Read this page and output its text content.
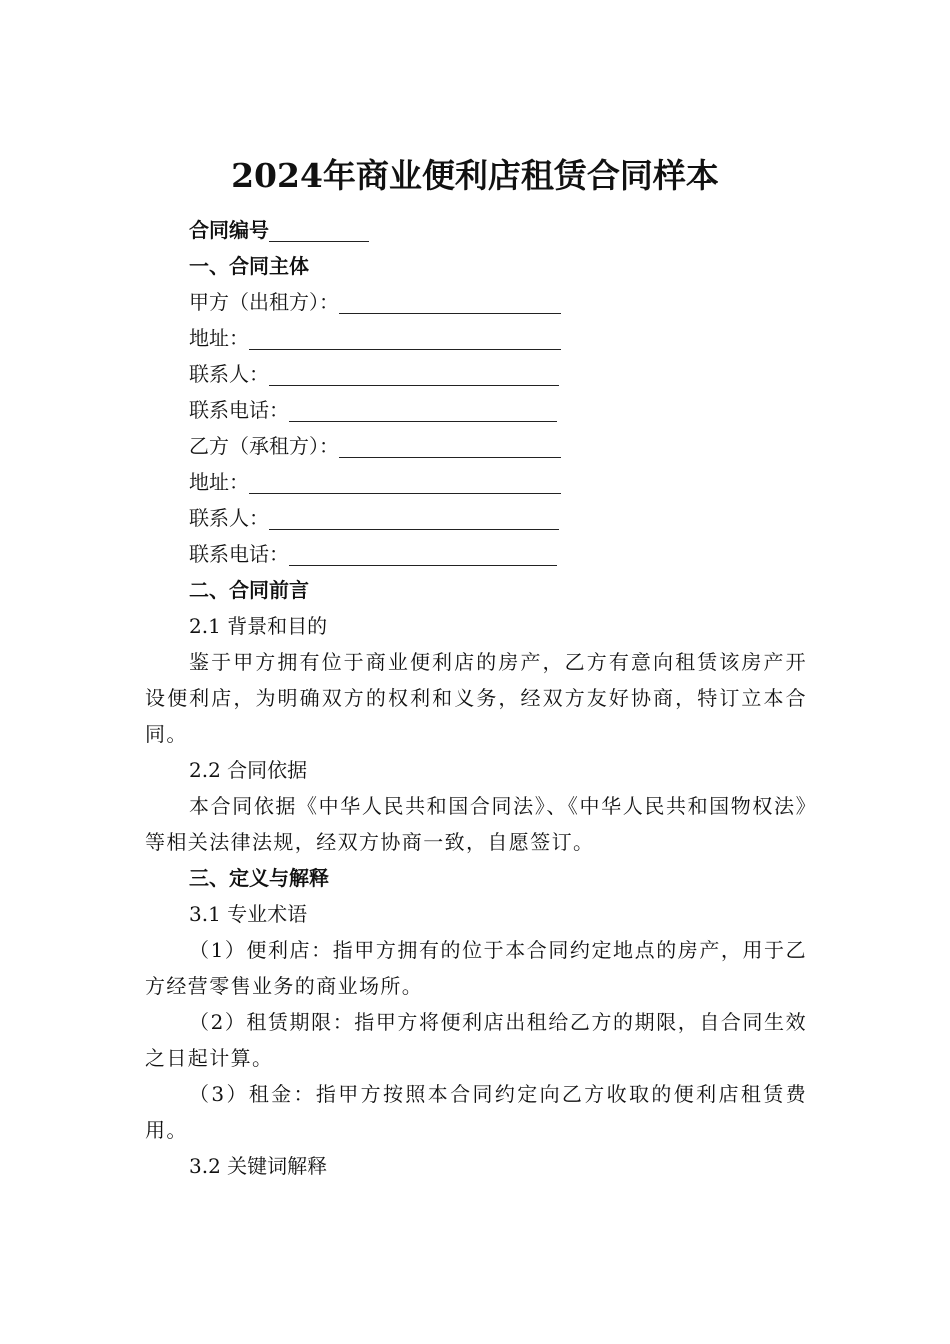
2024年商业便利店租赁合同样本
合同编号
一、合同主体
甲方（出租方）：
地址：
联系人：
联系电话：
乙方（承租方）：
地址：
联系人：
联系电话：
二、合同前言
2.1 背景和目的

鉴于甲方拥有位于商业便利店的房产，乙方有意向租赁该房产开设便利店，为明确双方的权利和义务，经双方友好协商，特订立本合同。

2.2 合同依据

本合同依据《中华人民共和国合同法》、《中华人民共和国物权法》等相关法律法规，经双方协商一致，自愿签订。

三、定义与解释
3.1 专业术语

（1）便利店：指甲方拥有的位于本合同约定地点的房产，用于乙方经营零售业务的商业场所。

（2）租赁期限：指甲方将便利店出租给乙方的期限，自合同生效之日起计算。

（3）租金：指甲方按照本合同约定向乙方收取的便利店租赁费用。

3.2 关键词解释
